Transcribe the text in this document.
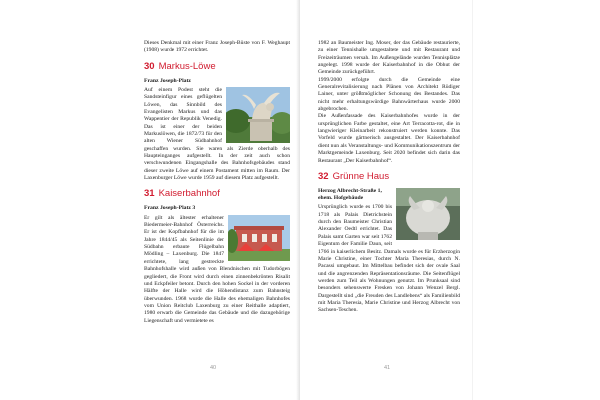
Dieses Denkmal mit einer Franz Joseph-Büste von F. Weghaupt (1908) wurde 1972 errichtet.

30 Markus-Löwe
Franz Joseph-Platz

Auf einem Podest steht die Sandsteinfigur eines geflügelten Löwen, das Sinnbild des Evangelisten Markus und das Wappentier der Republik Venedig. Das ist einer der beiden Markuslöwen, die 1872/73 für den alten Wiener Südbahnhof geschaffen wurden. Sie waren als Zierde oberhalb des Haupteinganges aufgestellt. In der zeit auch schon verschwundenen Eingangshalle des Bahnhofsgebäudes stand dieser zweite Löwe auf einem Postament mitten im Raum. Der Laxenburger Löwe wurde 1959 auf diesem Platz aufgestellt.

31 Kaiserbahnhof
Franz Joseph-Platz 3

Er gilt als ältester erhaltener Biedermeier-Bahnhof Österreichs. Er ist der Kopfbahnhof für die im Jahre 1844/45 als Seitenlinie der Südbahn erbaute Flügelbahn Mödling – Laxenburg. Die 1847 errichtete, lang gestreckte Bahnhofshalle wird außen von Blendnischen mit Tudorbögen gegliedert, die Front wird durch einen zinnenbekrönten Risalit und Eckpfeiler betont. Durch den hohen Sockel in der vorderen Hälfte der Halle wird die Höhendistanz zum Bahnsteig überwunden. 1968 wurde die Halle des ehemaligen Bahnhofes vom Union Reitclub Laxenburg zu einer Reithalle adaptiert, 1980 erwarb die Gemeinde das Gebäude und die dazugehörige Liegenschaft und vermietete es

1982 an Baumeister Ing. Moser, der das Gebäude restaurierte, zu einer Tennishalle umgestaltete und mit Restaurant und Freizeiträumen versah. Im Außengelände wurden Tennisplätze angelegt. 1998 wurde der Kaiserbahnhof in die Obhut der Gemeinde zurückgeführt.
1999/2000 erfolgte durch die Gemeinde eine Generalrevitalisierung nach Plänen von Architekt Rüdiger Lainer, unter größtmöglicher Schonung des Bestandes. Das nicht mehr erhaltungswürdige Bahnwärterhaus wurde 2000 abgebrochen.
Die Außenfassade des Kaiserbahnhofes wurde in der ursprünglichen Farbe gestaltet, eine Art Terracotta-rot, die in langwieriger Kleinarbeit rekonstruiert werden konnte. Das Vorfeld wurde gärtnerisch ausgestaltet. Der Kaiserbahnhof dient nun als Veranstaltungs- und Kommunikationszentrum der Marktgemeinde Laxenburg. Seit 2020 befindet sich darin das Restaurant „Der Kaiserbahnhof“.

32 Grünne Haus
Herzog Albrecht-Straße 1, ehem. Hofgebäude

Ursprünglich wurde es 1700 bis 1718 als Palais Dietrichstein durch den Baumeister Christian Alexander Oedtl errichtet. Das Palais samt Garten war seit 1762 Eigentum der Familie Daun, seit 1766 in kaiserlichem Besitz. Damals wurde es für Erzherzogin Marie Christine, einer Tochter Maria Theresias, durch N. Pacassi umgebaut. Im Mittelbau befindet sich der ovale Saal und die angrenzenden Repräsentationsräume. Die Seitenflügel werden zum Teil als Wohnungen genutzt. Im Prunksaal sind besonders sehenswerte Fresken von Johann Wenzel Bergl. Dargestellt sind „die Freuden des Landlebens“ als Familienbild mit Maria Theresia, Marie Christine und Herzog Albrecht von Sachsen-Teschen.

40	41
